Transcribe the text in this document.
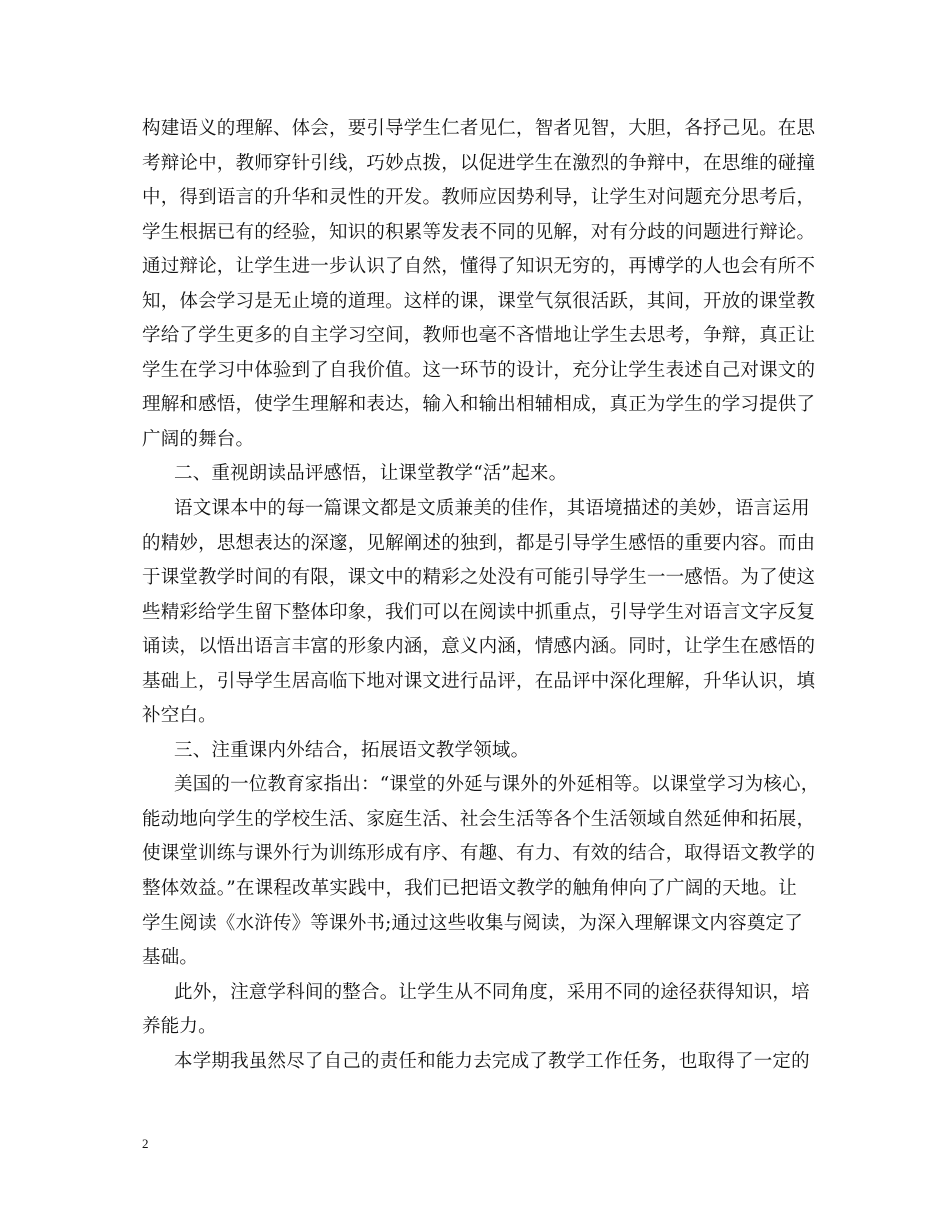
构建语义的理解、体会，要引导学生仁者见仁，智者见智，大胆，各抒己见。在思
考辩论中，教师穿针引线，巧妙点拨，以促进学生在激烈的争辩中，在思维的碰撞
中，得到语言的升华和灵性的开发。教师应因势利导，让学生对问题充分思考后，
学生根据已有的经验，知识的积累等发表不同的见解，对有分歧的问题进行辩论。
通过辩论，让学生进一步认识了自然，懂得了知识无穷的，再博学的人也会有所不
知，体会学习是无止境的道理。这样的课，课堂气氛很活跃，其间，开放的课堂教
学给了学生更多的自主学习空间，教师也毫不吝惜地让学生去思考，争辩，真正让
学生在学习中体验到了自我价值。这一环节的设计，充分让学生表述自己对课文的
理解和感悟，使学生理解和表达，输入和输出相辅相成，真正为学生的学习提供了
广阔的舞台。
二、重视朗读品评感悟，让课堂教学“活”起来。
语文课本中的每一篇课文都是文质兼美的佳作，其语境描述的美妙，语言运用
的精妙，思想表达的深邃，见解阐述的独到，都是引导学生感悟的重要内容。而由
于课堂教学时间的有限，课文中的精彩之处没有可能引导学生一一感悟。为了使这
些精彩给学生留下整体印象，我们可以在阅读中抓重点，引导学生对语言文字反复
诵读，以悟出语言丰富的形象内涵，意义内涵，情感内涵。同时，让学生在感悟的
基础上，引导学生居高临下地对课文进行品评，在品评中深化理解，升华认识，填
补空白。
三、注重课内外结合，拓展语文教学领域。
美国的一位教育家指出：“课堂的外延与课外的外延相等。以课堂学习为核心，
能动地向学生的学校生活、家庭生活、社会生活等各个生活领域自然延伸和拓展，
使课堂训练与课外行为训练形成有序、有趣、有力、有效的结合，取得语文教学的
整体效益。”在课程改革实践中，我们已把语文教学的触角伸向了广阔的天地。让
学生阅读《水浒传》等课外书;通过这些收集与阅读，为深入理解课文内容奠定了
基础。
此外，注意学科间的整合。让学生从不同角度，采用不同的途径获得知识，培
养能力。
本学期我虽然尽了自己的责任和能力去完成了教学工作任务，也取得了一定的
2
